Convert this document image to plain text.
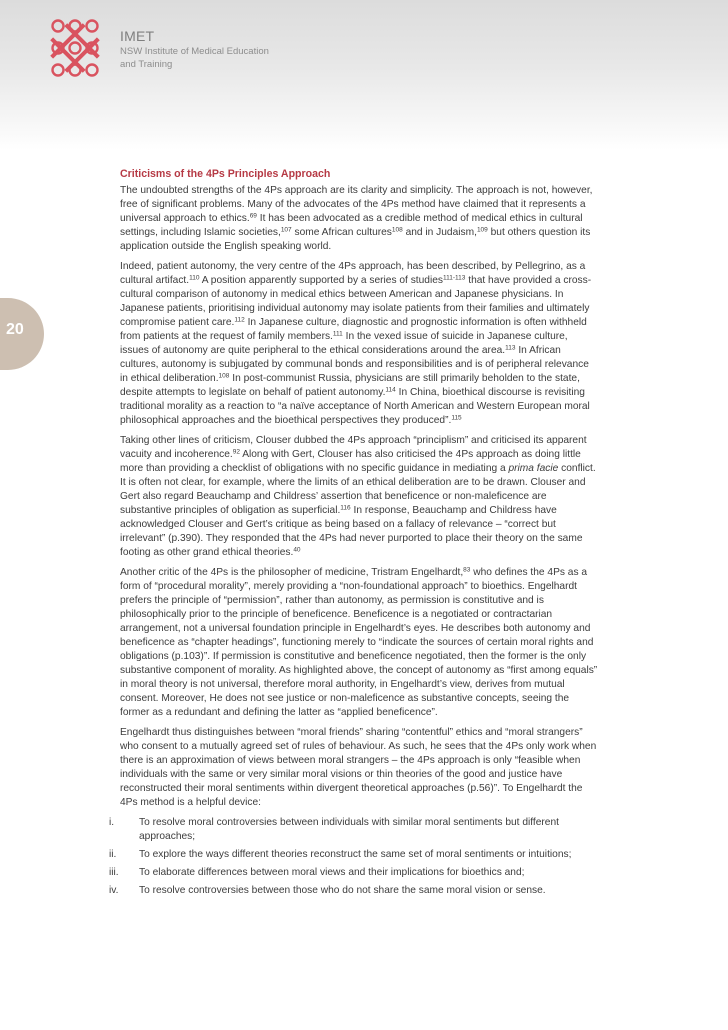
IMET
NSW Institute of Medical Education and Training
20
Criticisms of the 4Ps Principles Approach

The undoubted strengths of the 4Ps approach are its clarity and simplicity. The approach is not, however, free of significant problems. Many of the advocates of the 4Ps method have claimed that it represents a universal approach to ethics.$^{69}$ It has been advocated as a credible method of medical ethics in cultural settings, including Islamic societies,$^{107}$ some African cultures$^{108}$ and in Judaism,$^{109}$ but others question its application outside the English speaking world.

Indeed, patient autonomy, the very centre of the 4Ps approach, has been described, by Pellegrino, as a cultural artifact.$^{110}$ A position apparently supported by a series of studies$^{111-113}$ that have provided a cross-cultural comparison of autonomy in medical ethics between American and Japanese physicians. In Japanese patients, prioritising individual autonomy may isolate patients from their families and ultimately compromise patient care.$^{112}$ In Japanese culture, diagnostic and prognostic information is often withheld from patients at the request of family members.$^{111}$ In the vexed issue of suicide in Japanese culture, issues of autonomy are quite peripheral to the ethical considerations around the area.$^{113}$ In African cultures, autonomy is subjugated by communal bonds and responsibilities and is of peripheral relevance in ethical deliberation.$^{108}$ In post-communist Russia, physicians are still primarily beholden to the state, despite attempts to legislate on behalf of patient autonomy.$^{114}$ In China, bioethical discourse is revisiting traditional morality as a reaction to “a naïve acceptance of North American and Western European moral philosophical approaches and the bioethical perspectives they produced”.$^{115}$

Taking other lines of criticism, Clouser dubbed the 4Ps approach “principlism” and criticised its apparent vacuity and incoherence.$^{92}$ Along with Gert, Clouser has also criticised the 4Ps approach as doing little more than providing a checklist of obligations with no specific guidance in mediating a prima facie conflict. It is often not clear, for example, where the limits of an ethical deliberation are to be drawn. Clouser and Gert also regard Beauchamp and Childress’ assertion that beneficence or non-maleficence are substantive principles of obligation as superficial.$^{116}$ In response, Beauchamp and Childress have acknowledged Clouser and Gert’s critique as being based on a fallacy of relevance – “correct but irrelevant” (p.390). They responded that the 4Ps had never purported to place their theory on the same footing as other grand ethical theories.$^{40}$

Another critic of the 4Ps is the philosopher of medicine, Tristram Engelhardt,$^{83}$ who defines the 4Ps as a form of “procedural morality”, merely providing a “non-foundational approach” to bioethics. Engelhardt prefers the principle of “permission”, rather than autonomy, as permission is constitutive and is philosophically prior to the principle of beneficence. Beneficence is a negotiated or contractarian arrangement, not a universal foundation principle in Engelhardt’s eyes. He describes both autonomy and beneficence as “chapter headings”, functioning merely to “indicate the sources of certain moral rights and obligations (p.103)”. If permission is constitutive and beneficence negotiated, then the former is the only substantive component of morality. As highlighted above, the concept of autonomy as “first among equals” in moral theory is not universal, therefore moral authority, in Engelhardt’s view, derives from mutual consent. Moreover, He does not see justice or non-maleficence as substantive concepts, seeing the former as a redundant and defining the latter as “applied beneficence”.

Engelhardt thus distinguishes between “moral friends” sharing “contentful” ethics and “moral strangers” who consent to a mutually agreed set of rules of behaviour. As such, he sees that the 4Ps only work when there is an approximation of views between moral strangers – the 4Ps approach is only “feasible when individuals with the same or very similar moral visions or thin theories of the good and justice have reconstructed their moral sentiments within divergent theoretical approaches (p.56)”. To Engelhardt the 4Ps method is a helpful device:

i.	To resolve moral controversies between individuals with similar moral sentiments but different approaches;
ii.	To explore the ways different theories reconstruct the same set of moral sentiments or intuitions;
iii.	To elaborate differences between moral views and their implications for bioethics and;
iv.	To resolve controversies between those who do not share the same moral vision or sense.
